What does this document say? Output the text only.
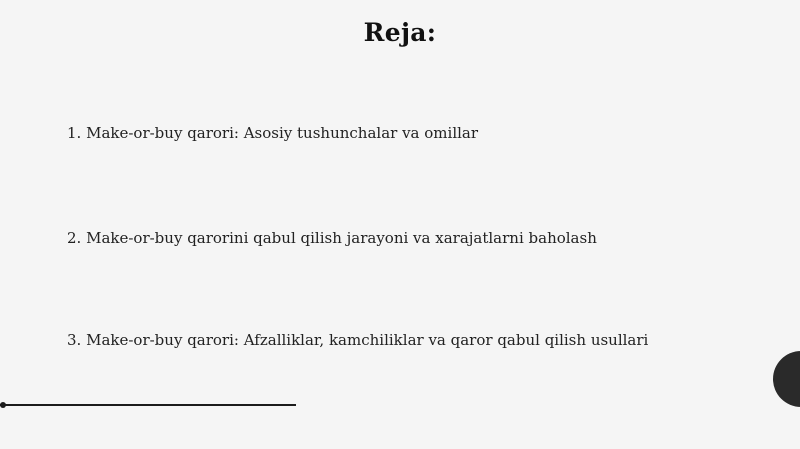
Reja:
1. Make-or-buy qarori: Asosiy tushunchalar va omillar
2. Make-or-buy qarorini qabul qilish jarayoni va xarajatlarni baholash
3. Make-or-buy qarori: Afzalliklar, kamchiliklar va qaror qabul qilish usullari
